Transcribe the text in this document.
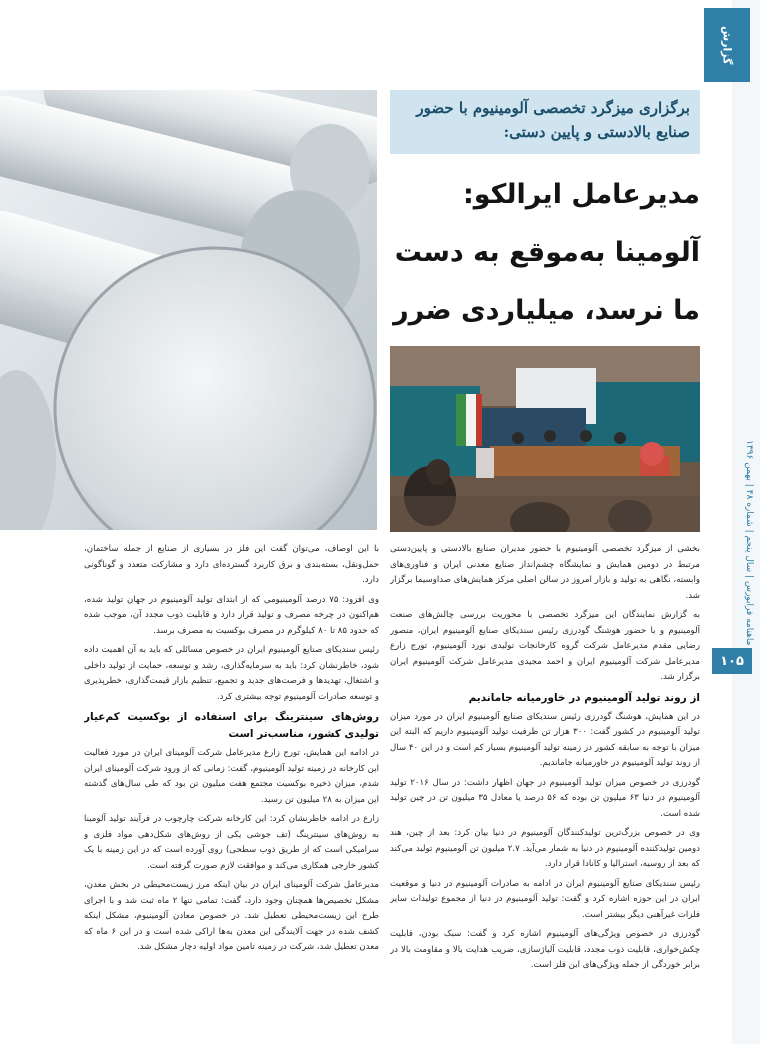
گزارش
ماهنامه فرابورس | سال پنجم | شماره ۴۸ | بهمن ۱۳۹۶
۱۰۵
برگزاری میزگرد تخصصی آلومینیوم با حضور صنایع بالادستی و پایین دستی:
مدیرعامل ایرالکو: آلومینا به‌موقع به دست ما نرسد، میلیاردی ضرر

بخشی از میزگرد تخصصی آلومینیوم با حضور مدیران صنایع بالادستی و پایین‌دستی مرتبط در دومین همایش و نمایشگاه چشم‌انداز صنایع معدنی ایران و فناوری‌های وابسته، نگاهی به تولید و بازار امروز در سالن اصلی مرکز همایش‌های صداوسیما برگزار شد.

به گزارش نمایندگان این میزگرد تخصصی با محوریت بررسی چالش‌های صنعت آلومینیوم و با حضور هوشنگ گودرزی رئیس سندیکای صنایع آلومینیوم ایران، منصور رضایی مقدم مدیرعامل شرکت گروه کارخانجات تولیدی نورد آلومینیوم، تورج زارع مدیرعامل شرکت آلومینیوم ایران و احمد مجیدی مدیرعامل شرکت آلومینیوم ایران برگزار شد.

از روند تولید آلومینیوم در خاورمیانه جاماندیم

در این همایش، هوشنگ گودرزی رئیس سندیکای صنایع آلومینیوم ایران در مورد میزان تولید آلومینیوم در کشور گفت: ۳۰۰ هزار تن ظرفیت تولید آلومینیوم داریم که البته این میزان با توجه به سابقه کشور در زمینه تولید آلومینیوم بسیار کم است و در این ۴۰ سال از روند تولید آلومینیوم در خاورمیانه جاماندیم.

گودرزی در خصوص میزان تولید آلومینیوم در جهان اظهار داشت: در سال ۲۰۱۶ تولید آلومینیوم در دنیا ۶۳ میلیون تن بوده که ۵۶ درصد یا معادل ۳۵ میلیون تن در چین تولید شده است.

وی در خصوص بزرگ‌ترین تولیدکنندگان آلومینیوم در دنیا بیان کرد: بعد از چین، هند دومین تولیدکننده آلومینیوم در دنیا به شمار می‌آید. ۲.۷ میلیون تن آلومینیوم تولید می‌کند که بعد از روسیه، استرالیا و کانادا قرار دارد.

رئیس سندیکای صنایع آلومینیوم ایران در ادامه به صادرات آلومینیوم در دنیا و موقعیت ایران در این حوزه اشاره کرد و گفت: تولید آلومینیوم در دنیا از مجموع تولیدات سایر فلزات غیرآهنی دیگر بیشتر است.

گودرزی در خصوص ویژگی‌های آلومینیوم اشاره کرد و گفت: سبک بودن، قابلیت چکش‌خواری، قابلیت ذوب مجدد، قابلیت آلیاژسازی، ضریب هدایت بالا و مقاومت بالا در برابر خوردگی از جمله ویژگی‌های این فلز است.

با این اوصاف، می‌توان گفت این فلز در بسیاری از صنایع از جمله ساختمان، حمل‌ونقل، بسته‌بندی و برق کاربرد گسترده‌ای دارد و مشارکت متعدد و گوناگونی دارد.

وی افزود: ۷۵ درصد آلومینیومی که از ابتدای تولید آلومینیوم در جهان تولید شده، هم‌اکنون در چرخه مصرف و تولید قرار دارد و قابلیت ذوب مجدد آن، موجب شده که حدود ۸۵ تا ۸۰ کیلوگرم در مصرف بوکسیت به مصرف برسد.

رئیس سندیکای صنایع آلومینیوم ایران در خصوص مسائلی که باید به آن اهمیت داده شود، خاطرنشان کرد: باید به سرمایه‌گذاری، رشد و توسعه، حمایت از تولید داخلی و اشتغال، تهدیدها و فرصت‌های جدید و تجمیع، تنظیم بازار قیمت‌گذاری، خطرپذیری و توسعه صادرات آلومینیوم توجه بیشتری کرد.

روش‌های سینترینگ برای استفاده از بوکسیت کم‌عیار تولیدی کشور، مناسب‌تر است

در ادامه این همایش، تورج زارع مدیرعامل شرکت آلومینای ایران در مورد فعالیت این کارخانه در زمینه تولید آلومینیوم، گفت: زمانی که از ورود شرکت آلومینای ایران شدم، میزان ذخیره بوکسیت مجتمع هفت میلیون تن بود که طی سال‌های گذشته این میزان به ۲۸ میلیون تن رسید.

زارع در ادامه خاطرنشان کرد: این کارخانه شرکت چارچوب در فرآیند تولید آلومینا به روش‌های سینترینگ (تف جوشی یکی از روش‌های شکل‌دهی مواد فلزی و سرامیکی است که از طریق ذوب سطحی) روی آورده است که در این زمینه با یک کشور خارجی همکاری می‌کند و موافقت لازم صورت گرفته است.

مدیرعامل شرکت آلومینای ایران در بیان اینکه مرز زیست‌محیطی در بخش معدن، مشکل تخصیص‌ها همچنان وجود دارد، گفت: تمامی تنها ۲ ماه ثبت شد و با اجرای طرح این زیست‌محیطی تعطیل شد. در خصوص معادن آلومینیوم، مشکل اینکه کشف شده در جهت آلایندگی این معدن به‌ها اراکی شده است و در این ۶ ماه که معدن تعطیل شد، شرکت در زمینه تامین مواد اولیه دچار مشکل شد.
